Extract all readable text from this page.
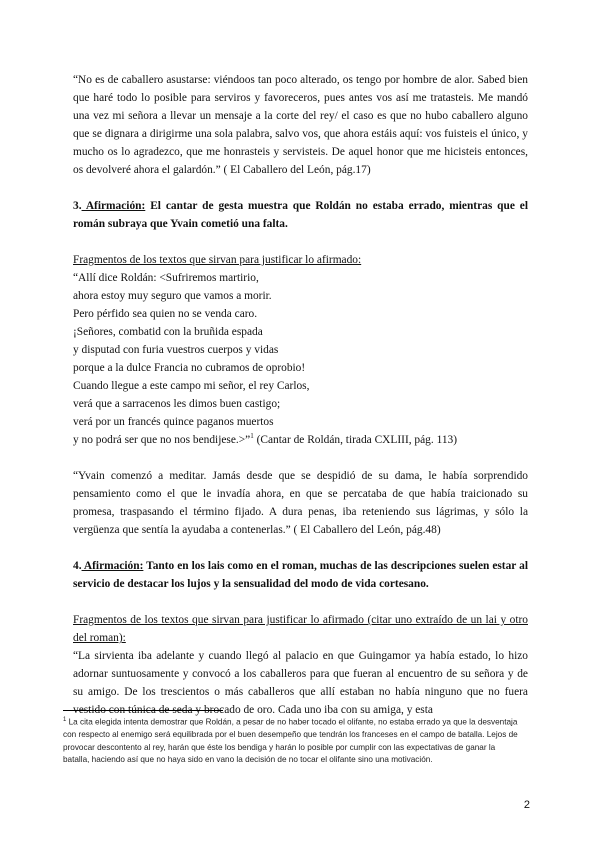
“No es de caballero asustarse: viéndoos tan poco alterado, os tengo por hombre de alor. Sabed bien que haré todo lo posible para serviros y favoreceros, pues antes vos así me tratasteis. Me mandó una vez mi señora a llevar un mensaje a la corte del rey/ el caso es que no hubo caballero alguno que se dignara a dirigirme una sola palabra, salvo vos, que ahora estáis aquí: vos fuisteis el único, y mucho os lo agradezco, que me honrasteis y servisteis. De aquel honor que me hicisteis entonces, os devolveré ahora el galardón.” ( El Caballero del León, pág.17)

3. Afirmación: El cantar de gesta muestra que Roldán no estaba errado, mientras que el román subraya que Yvain cometió una falta.

Fragmentos de los textos que sirvan para justificar lo afirmado:

“Allí dice Roldán: <Sufriremos martirio,

ahora estoy muy seguro que vamos a morir.

Pero pérfido sea quien no se venda caro.

¡Señores, combatid con la bruñida espada

y disputad con furia vuestros cuerpos y vidas

porque a la dulce Francia no cubramos de oprobio!

Cuando llegue a este campo mi señor, el rey Carlos,

verá que a sarracenos les dimos buen castigo;

verá por un francés quince paganos muertos

y no podrá ser que no nos bendijese.>”$^1$ (Cantar de Roldán, tirada CXLIII, pág. 113)

“Yvain comenzó a meditar. Jamás desde que se despidió de su dama, le había sorprendido pensamiento como el que le invadía ahora, en que se percataba de que había traicionado su promesa, traspasando el término fijado. A dura penas, iba reteniendo sus lágrimas, y sólo la vergüenza que sentía la ayudaba a contenerlas.” ( El Caballero del León, pág.48)

4. Afirmación: Tanto en los lais como en el roman, muchas de las descripciones suelen estar al servicio de destacar los lujos y la sensualidad del modo de vida cortesano.

Fragmentos de los textos que sirvan para justificar lo afirmado (citar uno extraído de un lai y otro del roman):

“La sirvienta iba adelante y cuando llegó al palacio en que Guingamor ya había estado, lo hizo adornar suntuosamente y convocó a los caballeros para que fueran al encuentro de su señora y de su amigo. De los trescientos o más caballeros que allí estaban no había ninguno que no fuera vestido con túnica de seda y brocado de oro. Cada uno iba con su amiga, y esta

$^1$ La cita elegida intenta demostrar que Roldán, a pesar de no haber tocado el olifante, no estaba errado ya que la desventaja con respecto al enemigo será equilibrada por el buen desempeño que tendrán los franceses en el campo de batalla. Lejos de provocar descontento al rey, harán que éste los bendiga y harán lo posible por cumplir con las expectativas de ganar la batalla, haciendo así que no haya sido en vano la decisión de no tocar el olifante sino una motivación.
2
